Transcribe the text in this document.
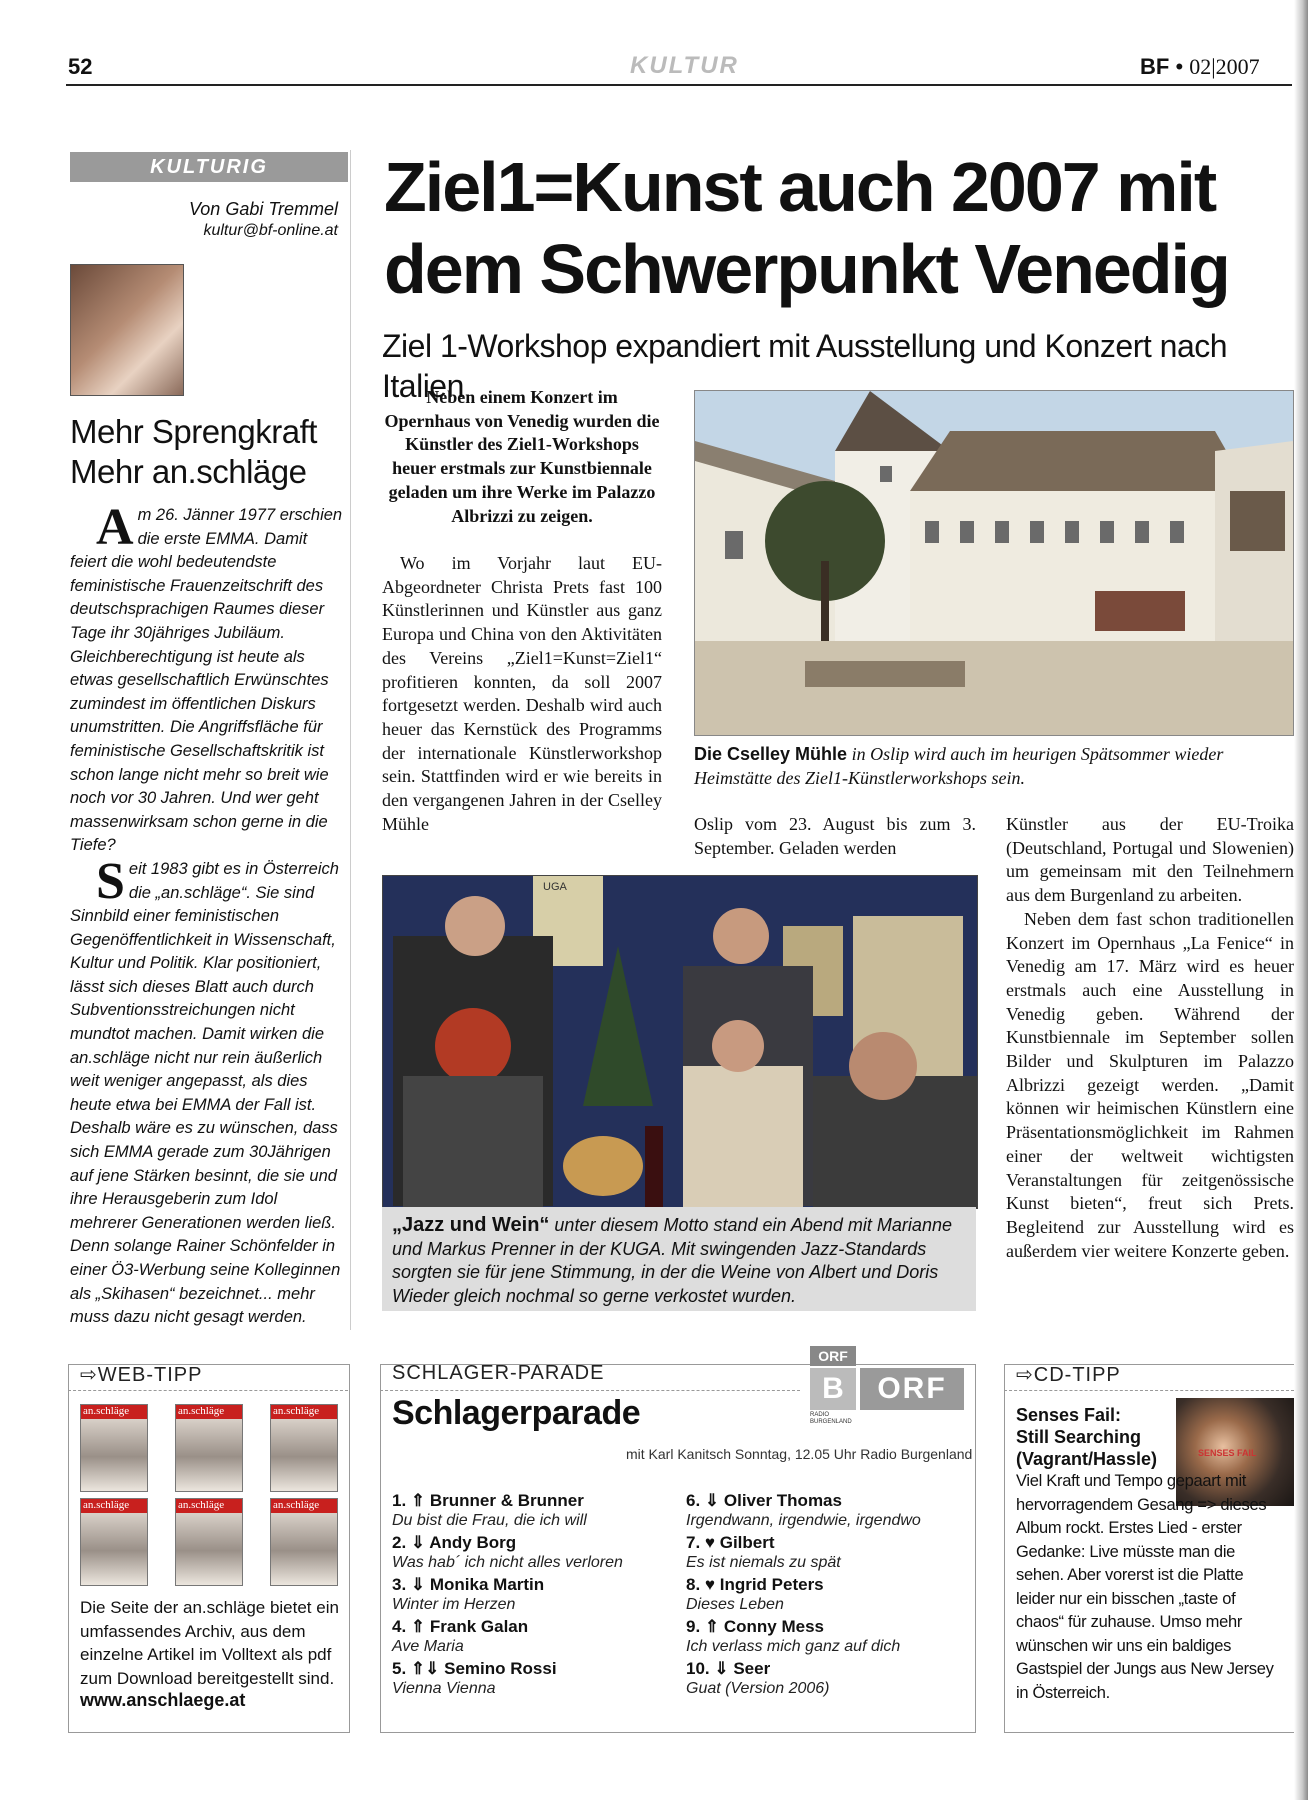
52	KULTUR	BF • 02|2007
KULTURIG
Von Gabi Tremmel
kultur@bf-online.at
Mehr Sprengkraft
Mehr an.schläge

Am 26. Jänner 1977 erschien die erste EMMA. Damit feiert die wohl bedeutendste feministische Frauenzeitschrift des deutschsprachigen Raumes dieser Tage ihr 30jähriges Jubiläum. Gleichberechtigung ist heute als etwas gesellschaftlich Erwünschtes zumindest im öffentlichen Diskurs unumstritten. Die Angriffsfläche für feministische Gesellschaftskritik ist schon lange nicht mehr so breit wie noch vor 30 Jahren. Und wer geht massenwirksam schon gerne in die Tiefe?

Seit 1983 gibt es in Österreich die „an.schläge“. Sie sind Sinnbild einer feministischen Gegenöffentlichkeit in Wissenschaft, Kultur und Politik. Klar positioniert, lässt sich dieses Blatt auch durch Subventionsstreichungen nicht mundtot machen. Damit wirken die an.schläge nicht nur rein äußerlich weit weniger angepasst, als dies heute etwa bei EMMA der Fall ist. Deshalb wäre es zu wünschen, dass sich EMMA gerade zum 30Jährigen auf jene Stärken besinnt, die sie und ihre Herausgeberin zum Idol mehrerer Generationen werden ließ. Denn solange Rainer Schönfelder in einer Ö3-Werbung seine Kolleginnen als „Skihasen“ bezeichnet... mehr muss dazu nicht gesagt werden.

Ziel1=Kunst auch 2007 mit
dem Schwerpunkt Venedig
Ziel 1-Workshop expandiert mit Ausstellung und Konzert nach Italien
Neben einem Konzert im Opernhaus von Venedig wurden die Künstler des Ziel1-Workshops heuer erstmals zur Kunstbiennale geladen um ihre Werke im Palazzo Albrizzi zu zeigen.

Wo im Vorjahr laut EU-Abgeordneter Christa Prets fast 100 Künstlerinnen und Künstler aus ganz Europa und China von den Aktivitäten des Vereins „Ziel1=Kunst=Ziel1“ profitieren konnten, da soll 2007 fortgesetzt werden. Deshalb wird auch heuer das Kernstück des Programms der internationale Künstlerworkshop sein. Stattfinden wird er wie bereits in den vergangenen Jahren in der Cselley Mühle	Oslip vom 23. August bis zum 3. September. Geladen werden

Künstler aus der EU-Troika (Deutschland, Portugal und Slowenien) um gemeinsam mit den Teilnehmern aus dem Burgenland zu arbeiten.

Neben dem fast schon traditionellen Konzert im Opernhaus „La Fenice“ in Venedig am 17. März wird es heuer erstmals auch eine Ausstellung in Venedig geben. Während der Kunstbiennale im September sollen Bilder und Skulpturen im Palazzo Albrizzi gezeigt werden. „Damit können wir heimischen Künstlern eine Präsentationsmöglichkeit im Rahmen einer der weltweit wichtigsten Veranstaltungen für zeitgenössische Kunst bieten“, freut sich Prets. Begleitend zur Ausstellung wird es außerdem vier weitere Konzerte geben.

Die Cselley Mühle in Oslip wird auch im heurigen Spätsommer wieder Heimstätte des Ziel1-Künstlerworkshops sein.
UGA
„Jazz und Wein“ unter diesem Motto stand ein Abend mit Marianne und Markus Prenner in der KUGA. Mit swingenden Jazz-Standards sorgten sie für jene Stimmung, in der die Weine von Albert und Doris Wieder gleich nochmal so gerne verkostet wurden.
⇨WEB-TIPP
an.schläge	an.schläge	an.schläge
an.schläge	an.schläge	an.schläge
Die Seite der an.schläge bietet ein umfassendes Archiv, aus dem einzelne Artikel im Volltext als pdf zum Download bereitgestellt sind.
www.anschlaege.at
SCHLAGER-PARADE
Schlagerparade
mit Karl Kanitsch Sonntag, 12.05 Uhr Radio Burgenland
ORF
B	ORF
RADIO BURGENLAND
1. ⇑ Brunner & Brunner
Du bist die Frau, die ich will
2. ⇓ Andy Borg
Was hab´ ich nicht alles verloren
3. ⇓ Monika Martin
Winter im Herzen
4. ⇑ Frank Galan
Ave Maria
5. ⇑⇓ Semino Rossi
Vienna Vienna
6. ⇓ Oliver Thomas
Irgendwann, irgendwie, irgendwo
7. ♥ Gilbert
Es ist niemals zu spät
8. ♥ Ingrid Peters
Dieses Leben
9. ⇑ Conny Mess
Ich verlass mich ganz auf dich
10. ⇓ Seer
Guat (Version 2006)
⇨CD-TIPP
SENSES FAIL
Senses Fail:
Still Searching
(Vagrant/Hassle)
Viel Kraft und Tempo gepaart mit hervorragendem Gesang => dieses Album rockt. Erstes Lied - erster Gedanke: Live müsste man die sehen. Aber vorerst ist die Platte leider nur ein bisschen „taste of chaos“ für zuhause. Umso mehr wünschen wir uns ein baldiges Gastspiel der Jungs aus New Jersey in Österreich.
